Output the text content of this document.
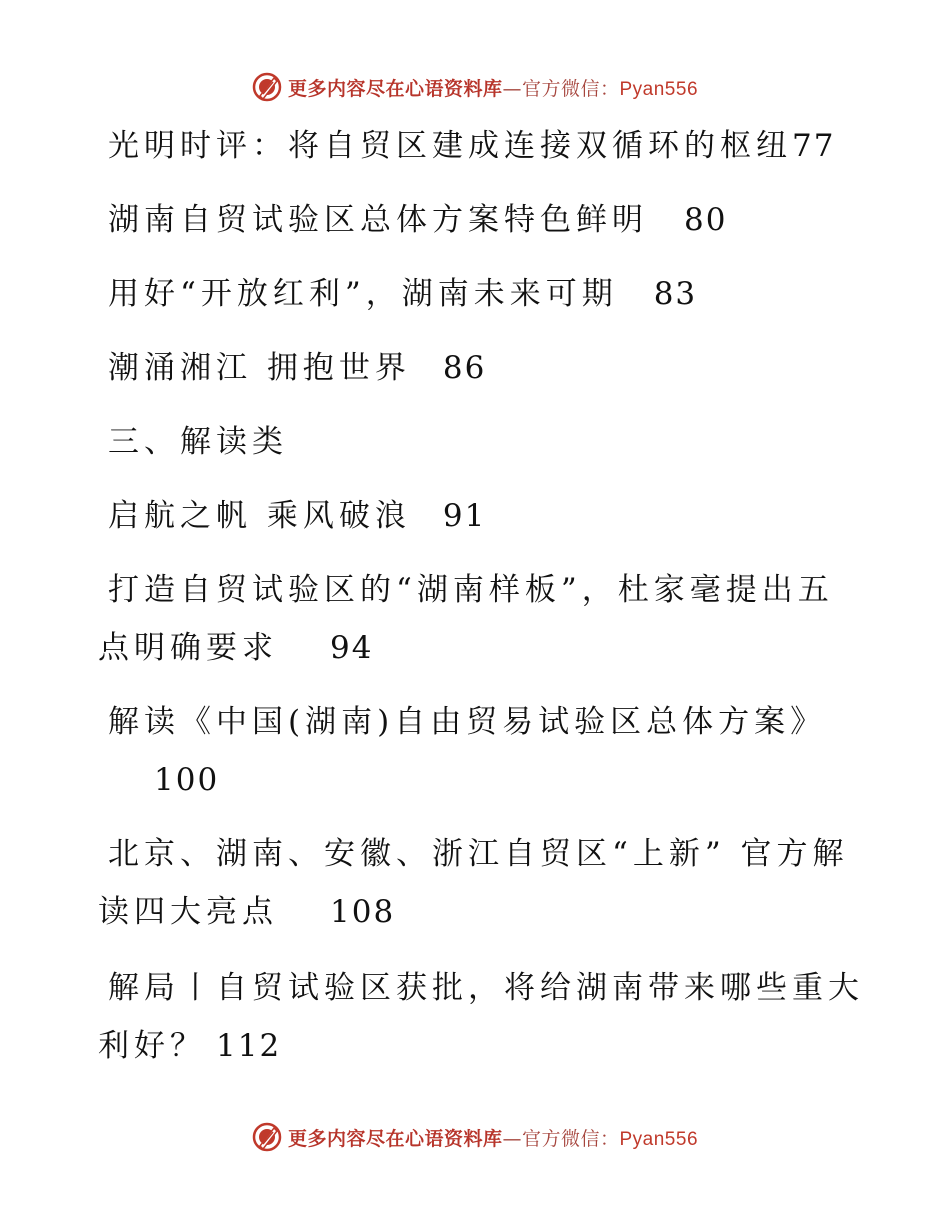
更多内容尽在心语资料库—官方微信：Pyan556
光明时评：将自贸区建成连接双循环的枢纽77
湖南自贸试验区总体方案特色鲜明 80
用好“开放红利”，湖南未来可期 83
潮涌湘江 拥抱世界 86
三、解读类
启航之帆 乘风破浪 91
打造自贸试验区的“湖南样板”，杜家毫提出五
点明确要求 94
解读《中国(湖南)自由贸易试验区总体方案》
100
北京、湖南、安徽、浙江自贸区“上新” 官方解
读四大亮点 108
解局丨自贸试验区获批，将给湖南带来哪些重大
利好？ 112
更多内容尽在心语资料库—官方微信：Pyan556
